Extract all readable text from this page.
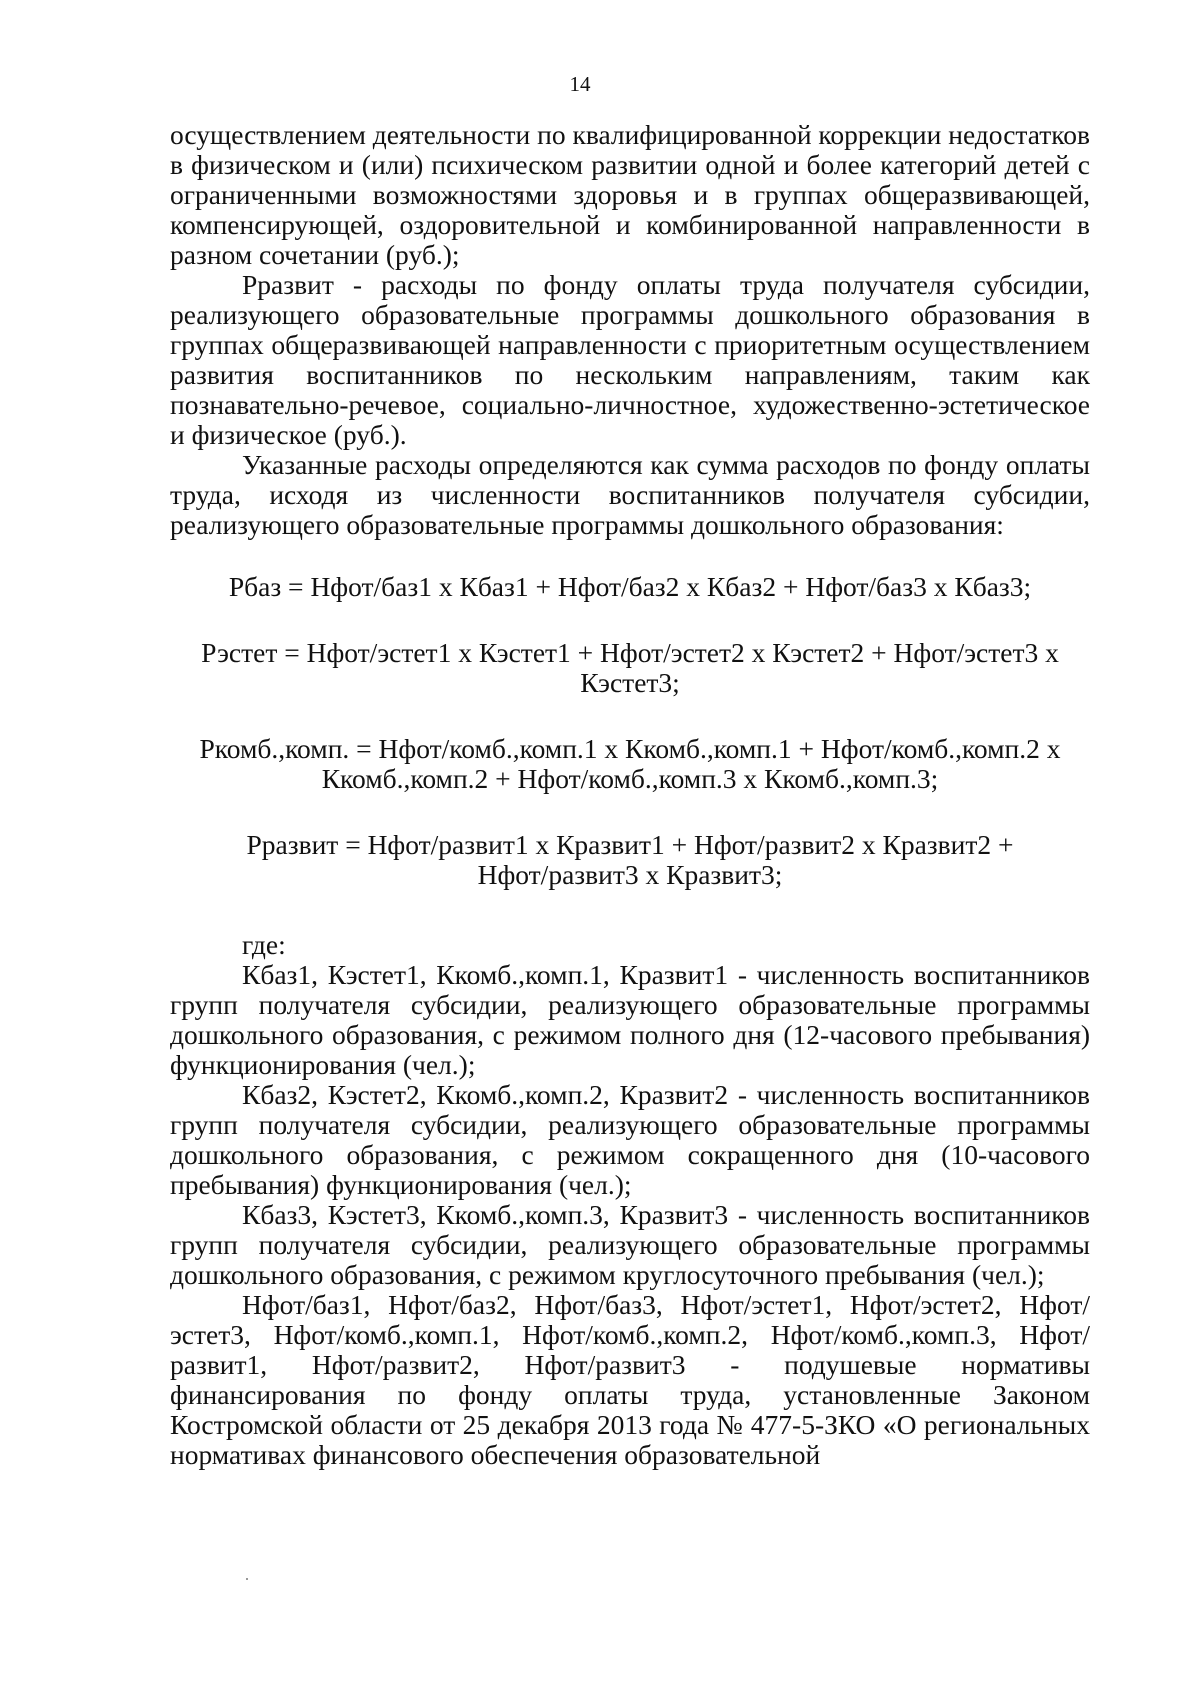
14

осуществлением деятельности по квалифицированной коррекции недостатков в физическом и (или) психическом развитии одной и более категорий детей с ограниченными возможностями здоровья и в группах общеразвивающей, компенсирующей, оздоровительной и комбинированной направленности в разном сочетании (руб.);

Рразвит - расходы по фонду оплаты труда получателя субсидии, реализующего образовательные программы дошкольного образования в группах общеразвивающей направленности с приоритетным осуществлением развития воспитанников по нескольким направлениям, таким как познавательно-речевое, социально-личностное, художественно-эстетическое и физическое (руб.).

Указанные расходы определяются как сумма расходов по фонду оплаты труда, исходя из численности воспитанников получателя субсидии, реализующего образовательные программы дошкольного образования:

Рбаз = Нфот/баз1 x Кбаз1 + Нфот/баз2 x Кбаз2 + Нфот/баз3 x Кбаз3;

Рэстет = Нфот/эстет1 x Кэстет1 + Нфот/эстет2 x Кэстет2 + Нфот/эстет3 x
Кэстет3;
Ркомб.,комп. = Нфот/комб.,комп.1 x Ккомб.,комп.1 + Нфот/комб.,комп.2 x
Ккомб.,комп.2 + Нфот/комб.,комп.3 x Ккомб.,комп.3;
Рразвит = Нфот/развит1 x Кразвит1 + Нфот/развит2 x Кразвит2 +
Нфот/развит3 x Кразвит3;

где:

Кбаз1, Кэстет1, Ккомб.,комп.1, Кразвит1 - численность воспитанников групп получателя субсидии, реализующего образовательные программы дошкольного образования, с режимом полного дня (12-часового пребывания) функционирования (чел.);

Кбаз2, Кэстет2, Ккомб.,комп.2, Кразвит2 - численность воспитанников групп получателя субсидии, реализующего образовательные программы дошкольного образования, с режимом сокращенного дня (10-часового пребывания) функционирования (чел.);

Кбаз3, Кэстет3, Ккомб.,комп.3, Кразвит3 - численность воспитанников групп получателя субсидии, реализующего образовательные программы дошкольного образования, с режимом круглосуточного пребывания (чел.);

Нфот/баз1, Нфот/баз2, Нфот/баз3, Нфот/эстет1, Нфот/эстет2, Нфот/эстет3, Нфот/комб.,комп.1, Нфот/комб.,комп.2, Нфот/комб.,комп.3, Нфот/развит1, Нфот/развит2, Нфот/развит3 - подушевые нормативы финансирования по фонду оплаты труда, установленные Законом Костромской области от 25 декабря 2013 года № 477-5-ЗКО «О региональных нормативах финансового обеспечения образовательной
